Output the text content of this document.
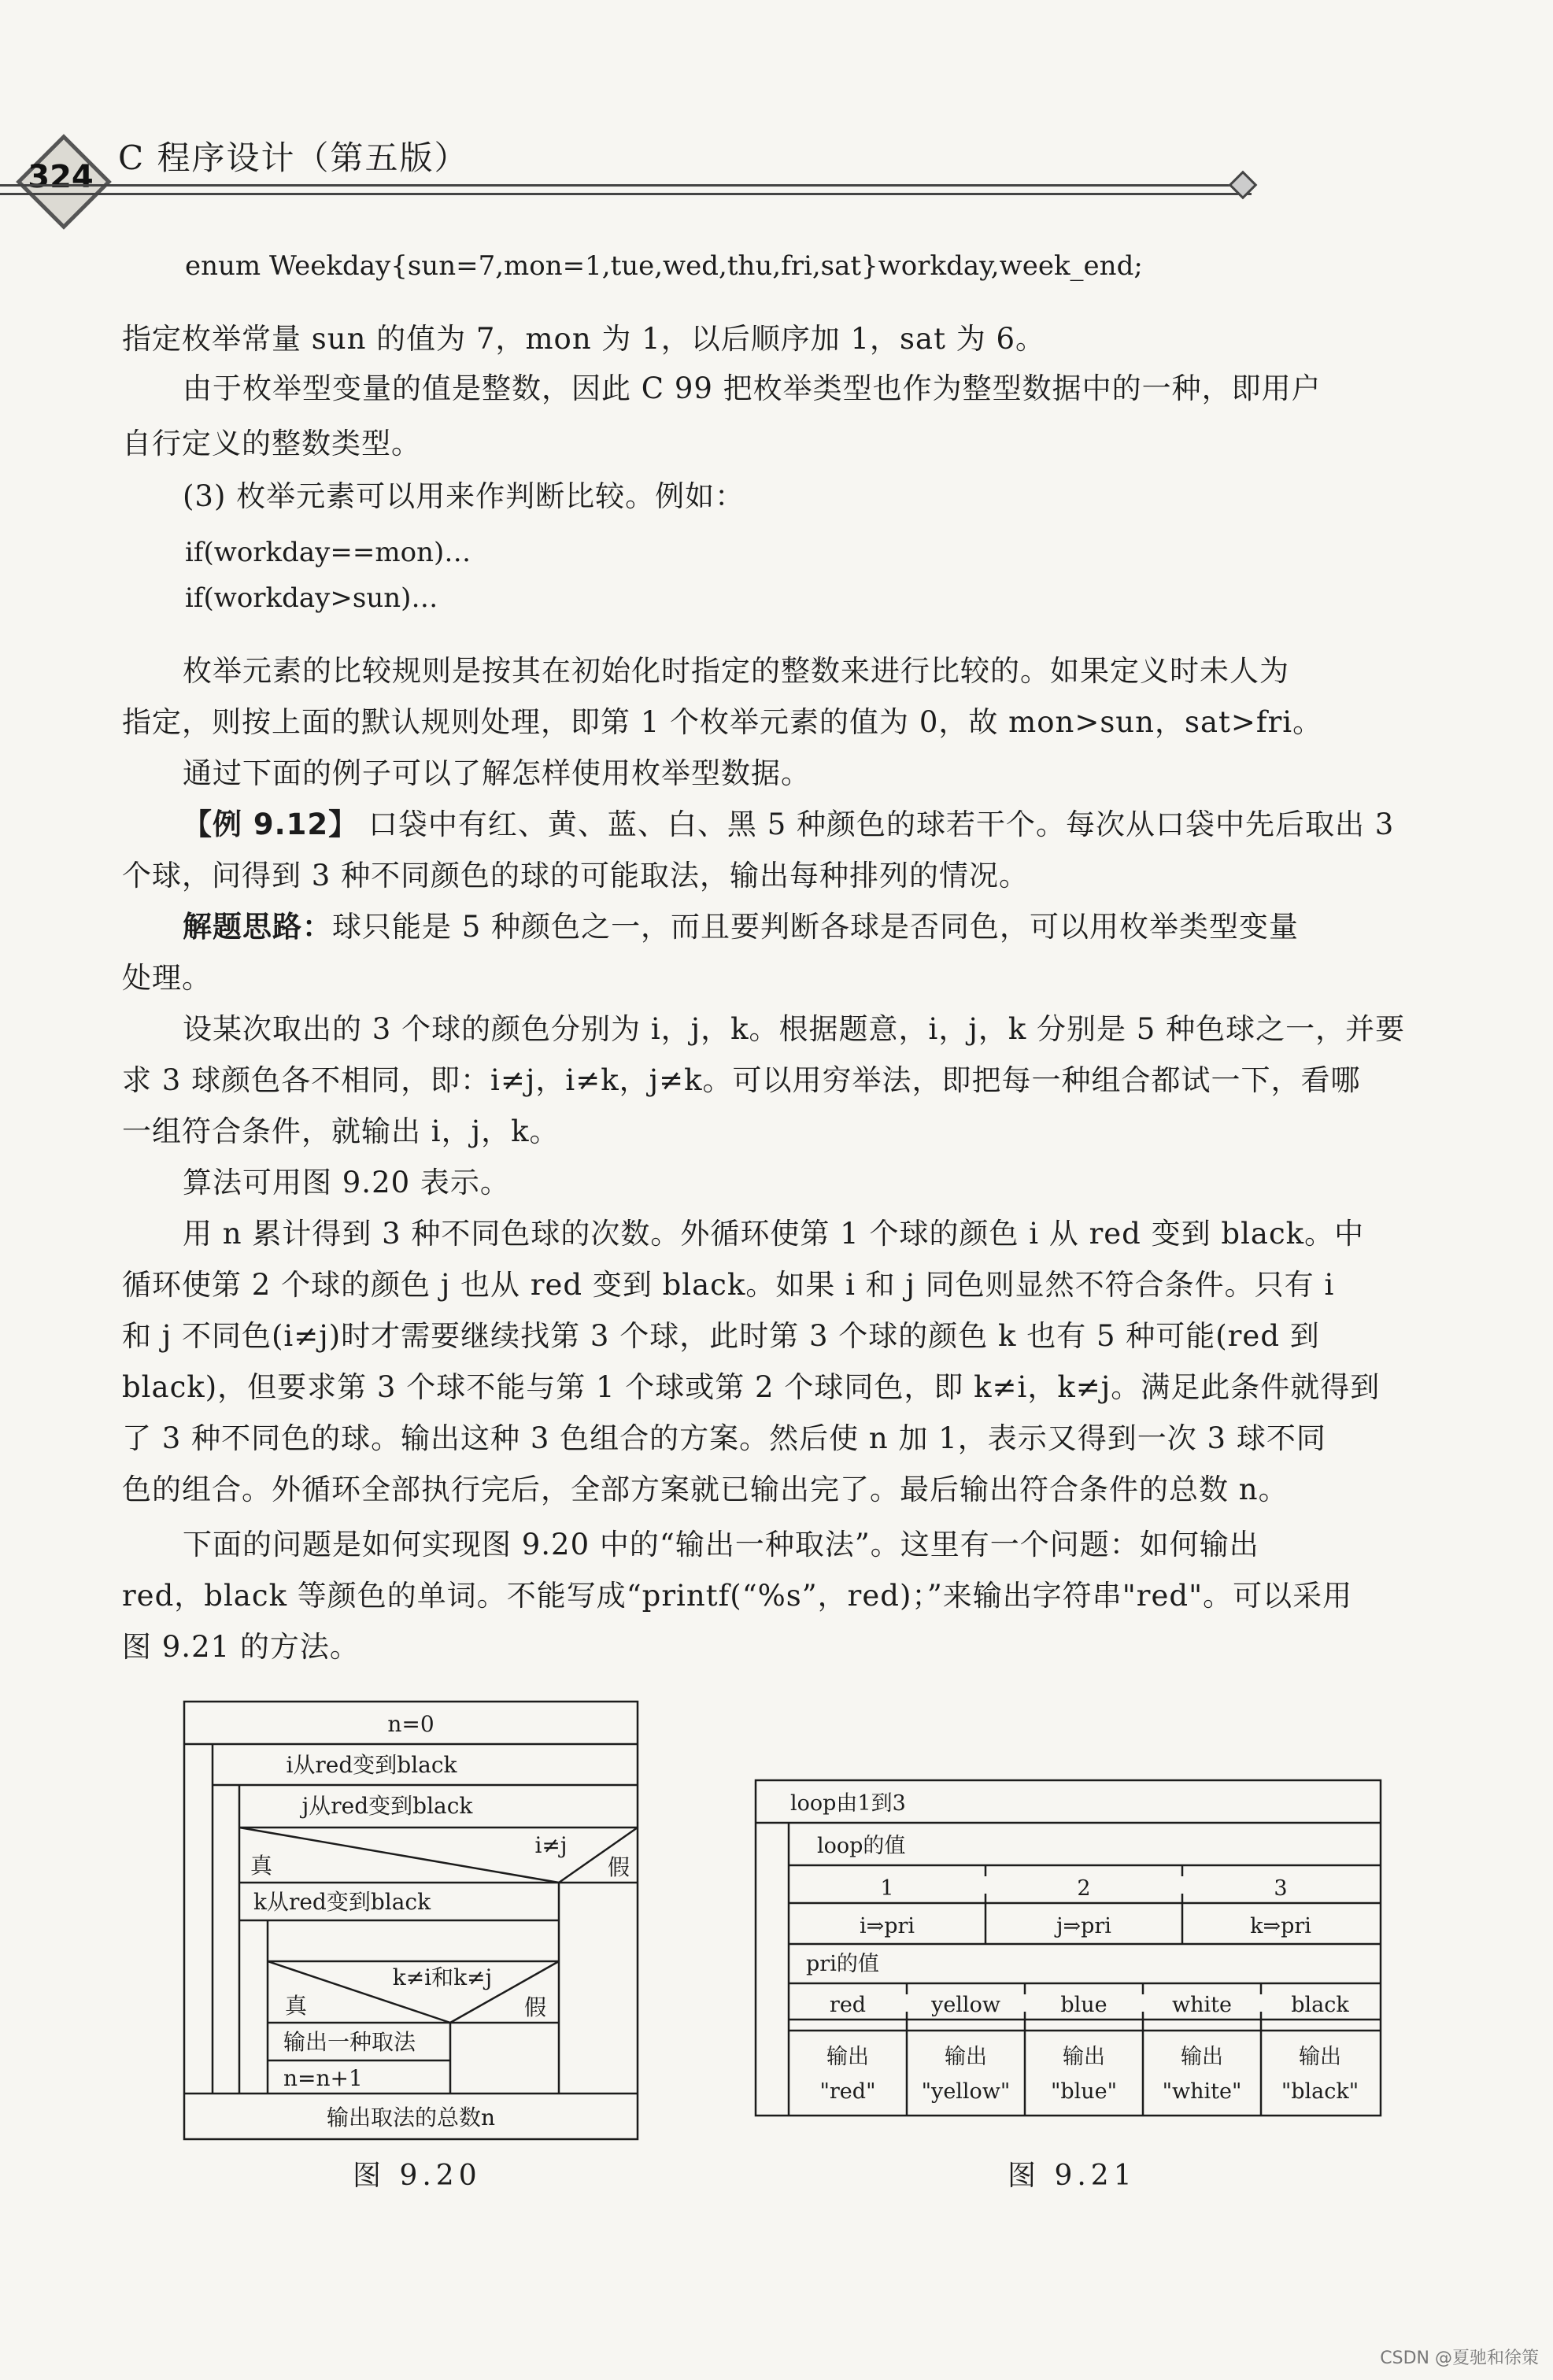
324 C 程序设计（第五版）
enum Weekday{sun=7,mon=1,tue,wed,thu,fri,sat}workday,week_end;
指定枚举常量 sun 的值为 7，mon 为 1，以后顺序加 1，sat 为 6。
由于枚举型变量的值是整数，因此 C 99 把枚举类型也作为整型数据中的一种，即用户
自行定义的整数类型。
(3) 枚举元素可以用来作判断比较。例如：
if(workday==mon)…
if(workday>sun)…
枚举元素的比较规则是按其在初始化时指定的整数来进行比较的。如果定义时未人为
指定，则按上面的默认规则处理，即第 1 个枚举元素的值为 0，故 mon>sun，sat>fri。
通过下面的例子可以了解怎样使用枚举型数据。
【例 9.12】 口袋中有红、黄、蓝、白、黑 5 种颜色的球若干个。每次从口袋中先后取出 3
个球，问得到 3 种不同颜色的球的可能取法，输出每种排列的情况。
解题思路：球只能是 5 种颜色之一，而且要判断各球是否同色，可以用枚举类型变量
处理。
设某次取出的 3 个球的颜色分别为 i，j，k。根据题意，i，j，k 分别是 5 种色球之一，并要
求 3 球颜色各不相同，即：i≠j，i≠k，j≠k。可以用穷举法，即把每一种组合都试一下，看哪
一组符合条件，就输出 i，j，k。
算法可用图 9.20 表示。
用 n 累计得到 3 种不同色球的次数。外循环使第 1 个球的颜色 i 从 red 变到 black。中
循环使第 2 个球的颜色 j 也从 red 变到 black。如果 i 和 j 同色则显然不符合条件。只有 i
和 j 不同色(i≠j)时才需要继续找第 3 个球，此时第 3 个球的颜色 k 也有 5 种可能(red 到
black)，但要求第 3 个球不能与第 1 个球或第 2 个球同色，即 k≠i，k≠j。满足此条件就得到
了 3 种不同色的球。输出这种 3 色组合的方案。然后使 n 加 1，表示又得到一次 3 球不同
色的组合。外循环全部执行完后，全部方案就已输出完了。最后输出符合条件的总数 n。
下面的问题是如何实现图 9.20 中的“输出一种取法”。这里有一个问题：如何输出
red，black 等颜色的单词。不能写成“printf(“%s”，red)；”来输出字符串"red"。可以采用
图 9.21 的方法。
n=0
i从red变到black
j从red变到black
i≠j
真	假
k从red变到black
k≠i和k≠j
真	假
输出一种取法
n=n+1
输出取法的总数n
图 9.20
loop由1到3
loop的值
1	2	3
i⇒pri	j⇒pri	k⇒pri
pri的值
red	yellow	blue	white	black
输出	输出	输出	输出	输出
"red" "yellow" "blue" "white" "black"
图 9.21
CSDN @夏驰和徐策
